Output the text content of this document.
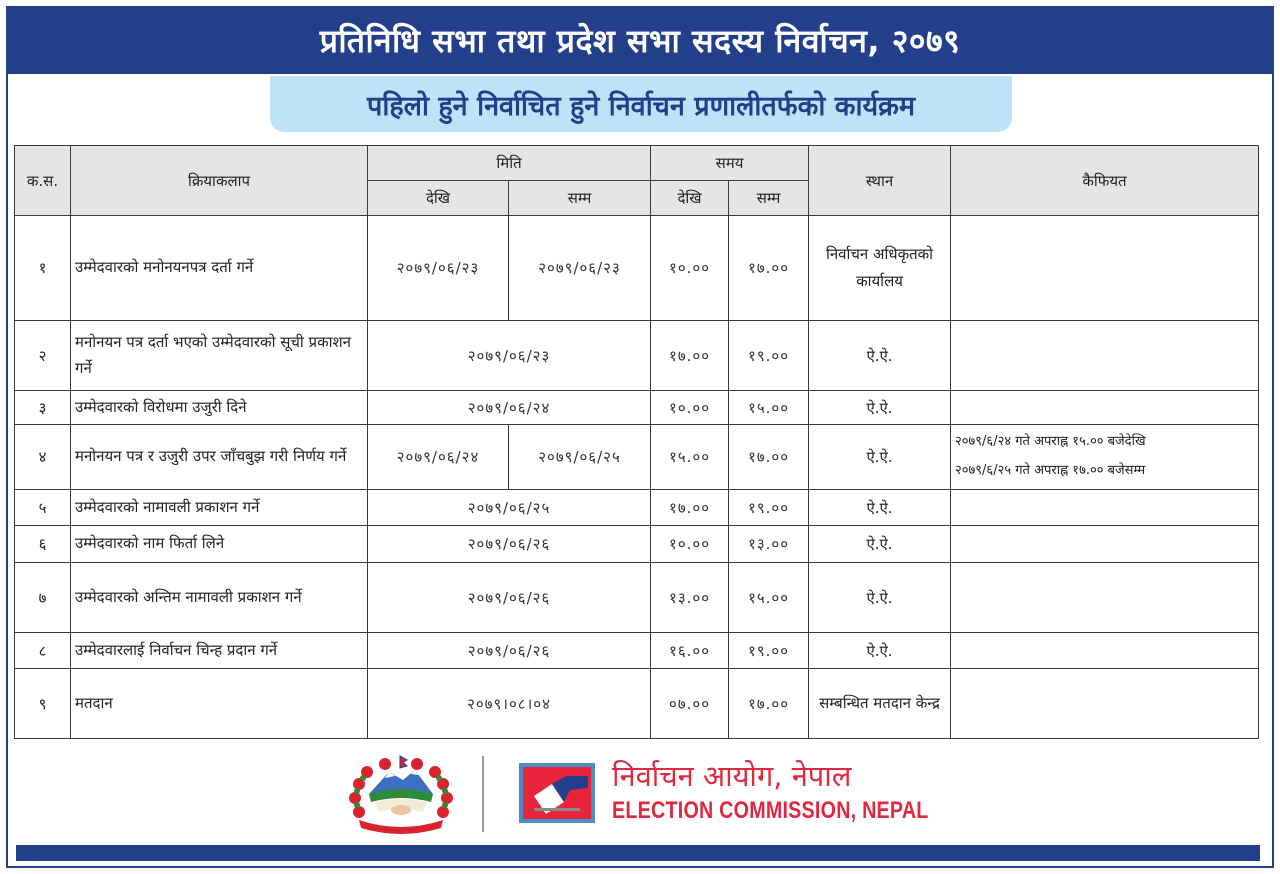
प्रतिनिधि सभा तथा प्रदेश सभा सदस्य निर्वाचन, २०७९
पहिलो हुने निर्वाचित हुने निर्वाचन प्रणालीतर्फको कार्यक्रम
क.स.	क्रियाकलाप	मिति		समय		स्थान	कैफियत
		देखि	सम्म	देखि	सम्म		
१	उम्मेदवारको मनोनयनपत्र दर्ता गर्ने	२०७९/०६/२३	२०७९/०६/२३	१०.००	१७.००	निर्वाचन अधिकृतको कार्यालय	
२	मनोनयन पत्र दर्ता भएको उम्मेदवारको सूची प्रकाशन गर्ने	२०७९/०६/२३		१७.००	१९.००	ऐ.ऐ.	
३	उम्मेदवारको विरोधमा उजुरी दिने	२०७९/०६/२४		१०.००	१५.००	ऐ.ऐ.	
४	मनोनयन पत्र र उजुरी उपर जाँचबुझ गरी निर्णय गर्ने	२०७९/०६/२४	२०७९/०६/२५	१५.००	१७.००	ऐ.ऐ.	२०७९/६/२४ गते अपराह्न १५.०० बजेदेखि
२०७९/६/२५ गते अपराह्न १७.०० बजेसम्म

५	उम्मेदवारको नामावली प्रकाशन गर्ने	२०७९/०६/२५		१७.००	१९.००	ऐ.ऐ.	
६	उम्मेदवारको नाम फिर्ता लिने	२०७९/०६/२६		१०.००	१३.००	ऐ.ऐ.	
७	उम्मेदवारको अन्तिम नामावली प्रकाशन गर्ने	२०७९/०६/२६		१३.००	१५.००	ऐ.ऐ.	
८	उम्मेदवारलाई निर्वाचन चिन्ह प्रदान गर्ने	२०७९/०६/२६		१६.००	१९.००	ऐ.ऐ.	
९	मतदान	२०७९।०८।०४		०७.००	१७.००	सम्बन्धित मतदान केन्द्र	
निर्वाचन आयोग, नेपाल
ELECTION COMMISSION, NEPAL
